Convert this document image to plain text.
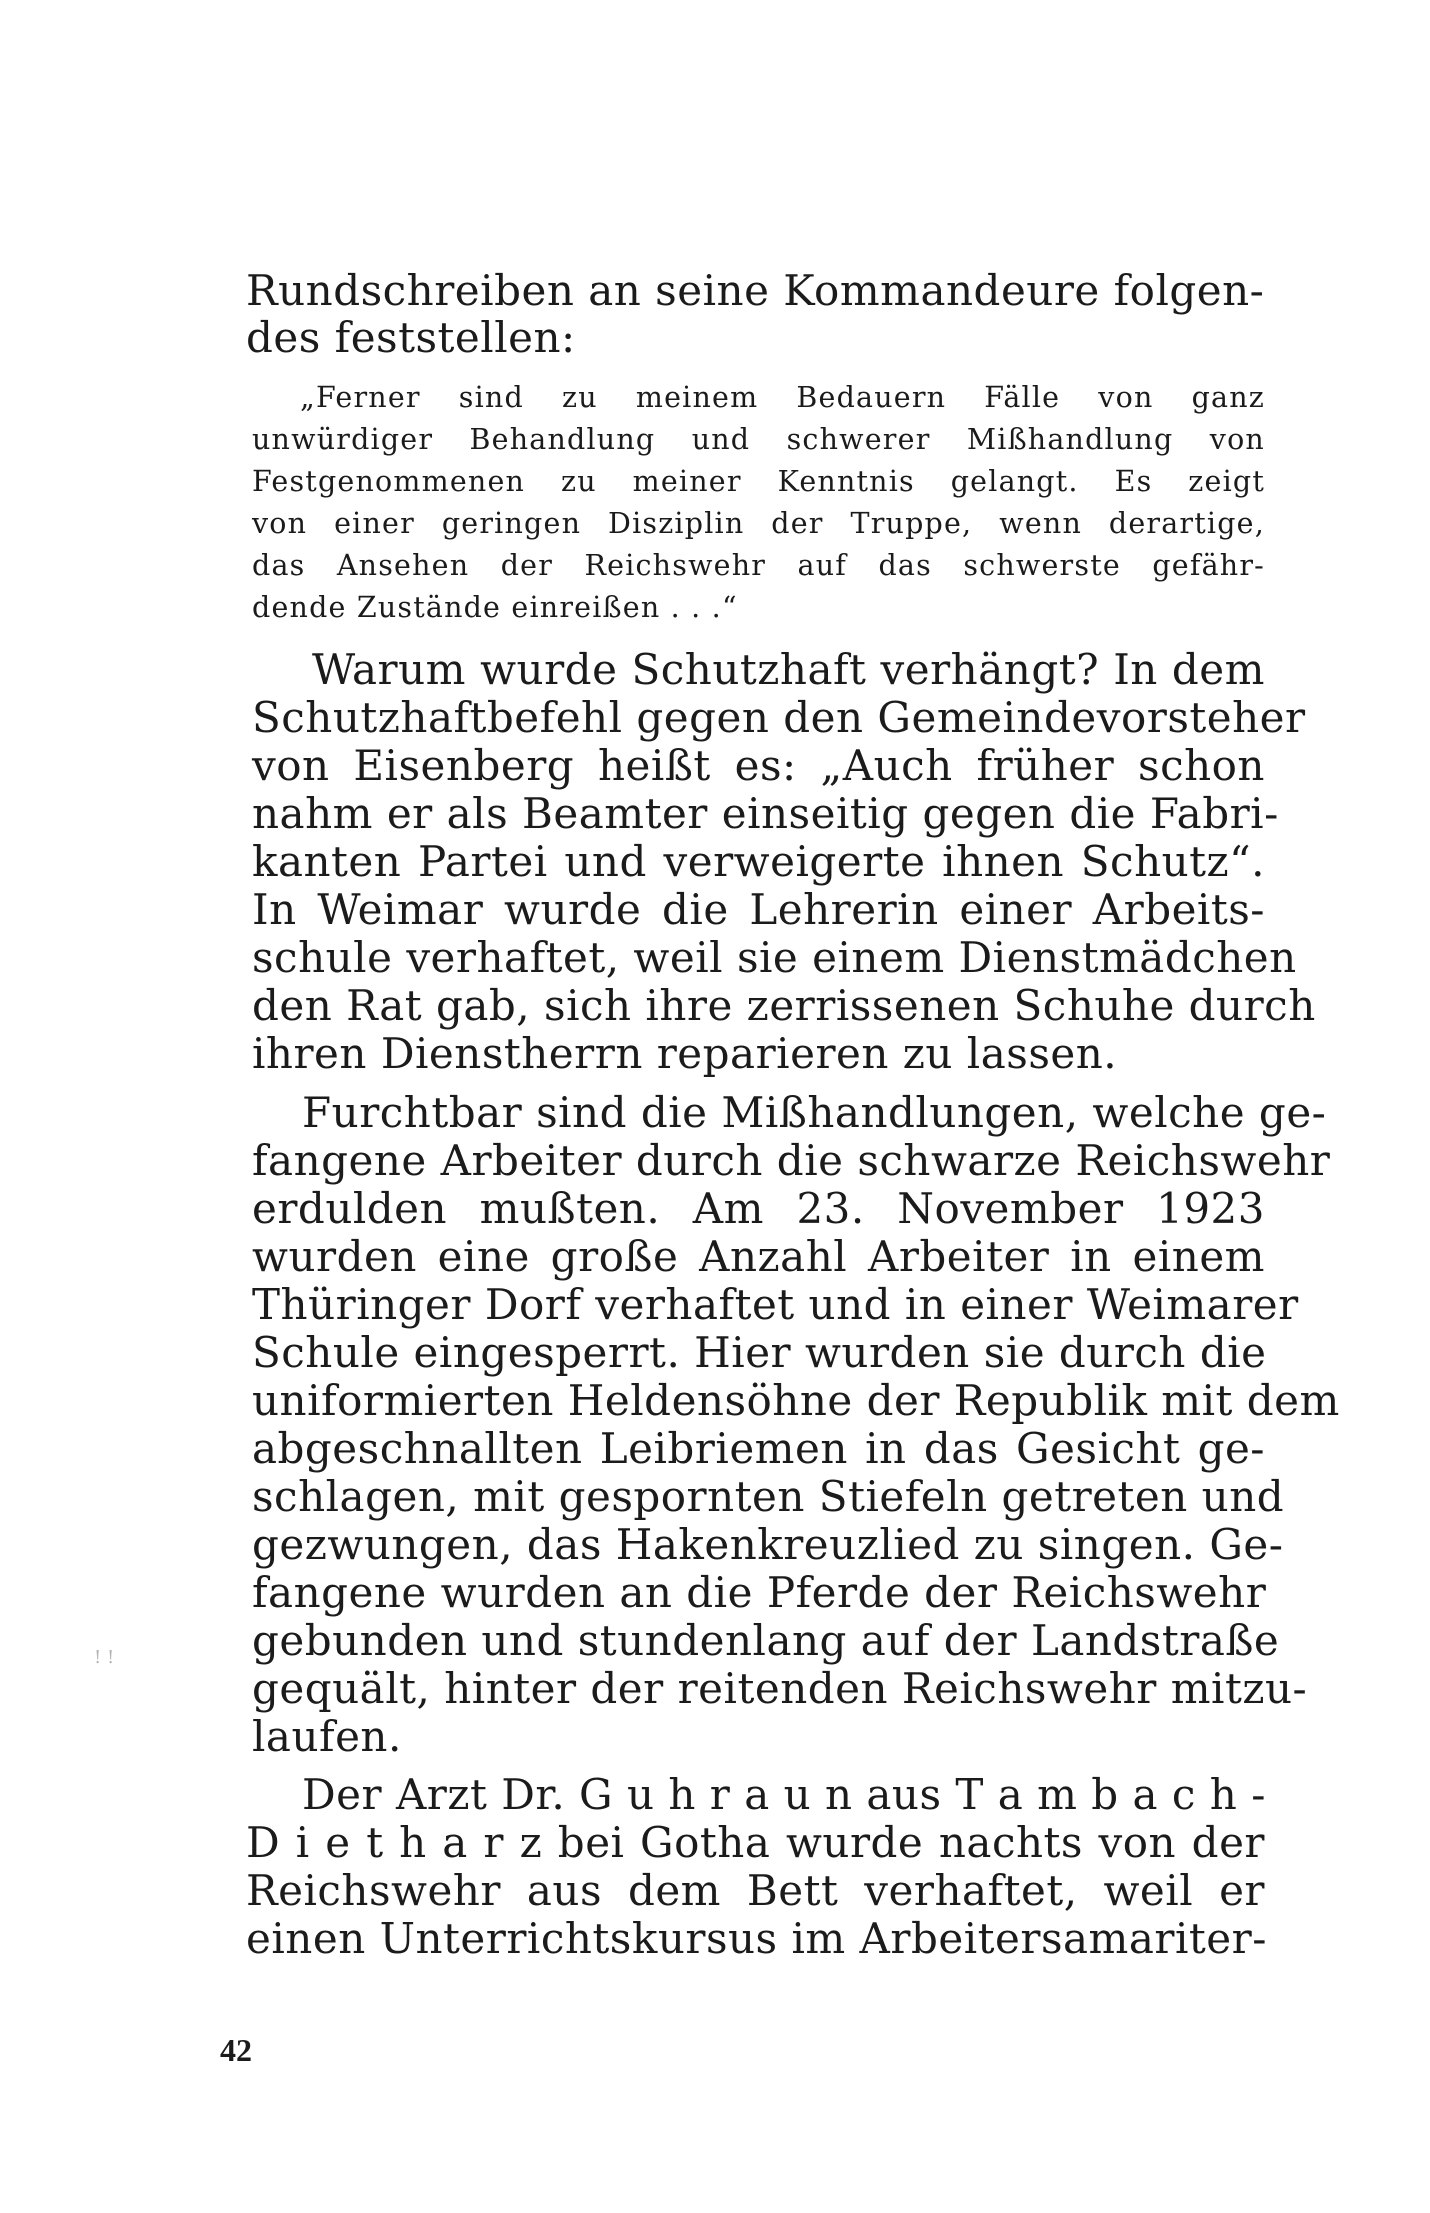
Rundschreiben an seine Kommandeure folgen-

des feststellen:

„Ferner sind zu meinem Bedauern Fälle von ganz

unwürdiger Behandlung und schwerer Mißhandlung von

Festgenommenen zu meiner Kenntnis gelangt. Es zeigt

von einer geringen Disziplin der Truppe, wenn derartige,

das Ansehen der Reichswehr auf das schwerste gefähr-

dende Zustände einreißen . . .“

Warum wurde Schutzhaft verhängt? In dem

Schutzhaftbefehl gegen den Gemeindevorsteher

von Eisenberg heißt es: „Auch früher schon

nahm er als Beamter einseitig gegen die Fabri-

kanten Partei und verweigerte ihnen Schutz“.

In Weimar wurde die Lehrerin einer Arbeits-

schule verhaftet, weil sie einem Dienstmädchen

den Rat gab, sich ihre zerrissenen Schuhe durch

ihren Dienstherrn reparieren zu lassen.

Furchtbar sind die Mißhandlungen, welche ge-

fangene Arbeiter durch die schwarze Reichswehr

erdulden mußten. Am 23. November 1923

wurden eine große Anzahl Arbeiter in einem

Thüringer Dorf verhaftet und in einer Weimarer

Schule eingesperrt. Hier wurden sie durch die

uniformierten Heldensöhne der Republik mit dem

abgeschnallten Leibriemen in das Gesicht ge-

schlagen, mit gespornten Stiefeln getreten und

gezwungen, das Hakenkreuzlied zu singen. Ge-

fangene wurden an die Pferde der Reichswehr

gebunden und stundenlang auf der Landstraße

gequält, hinter der reitenden Reichswehr mitzu-

laufen.

Der Arzt Dr. G u h r a u n aus T a m b a c h -

D i e t h a r z bei Gotha wurde nachts von der

Reichswehr aus dem Bett verhaftet, weil er

einen Unterrichtskursus im Arbeitersamariter-

! !
42
